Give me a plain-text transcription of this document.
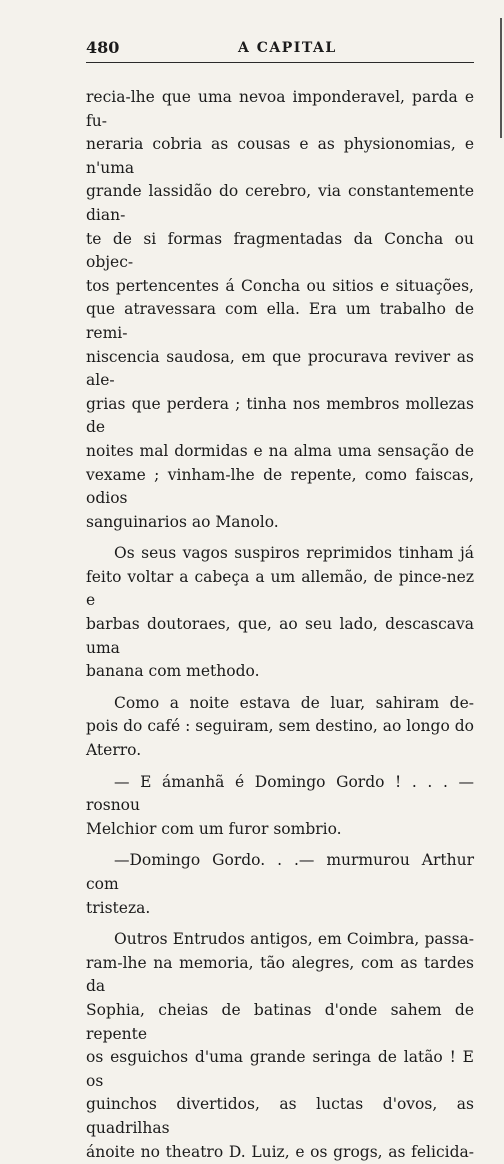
480	A CAPITAL

recia-lhe que uma nevoa imponderavel, parda e fu-

neraria cobria as cousas e as physionomias, e n'uma

grande lassidão do cerebro, via constantemente dian-

te de si formas fragmentadas da Concha ou objec-

tos pertencentes á Concha ou sitios e situações,

que atravessara com ella. Era um trabalho de remi-

niscencia saudosa, em que procurava reviver as ale-

grias que perdera ; tinha nos membros mollezas de

noites mal dormidas e na alma uma sensação de

vexame ; vinham-lhe de repente, como faiscas, odios

sanguinarios ao Manolo.

Os seus vagos suspiros reprimidos tinham já

feito voltar a cabeça a um allemão, de pince-nez e

barbas doutoraes, que, ao seu lado, descascava uma

banana com methodo.

Como a noite estava de luar, sahiram de-

pois do café : seguiram, sem destino, ao longo do

Aterro.

— E ámanhã é Domingo Gordo ! . . . — rosnou

Melchior com um furor sombrio.

—Domingo Gordo. . .— murmurou Arthur com

tristeza.

Outros Entrudos antigos, em Coimbra, passa-

ram-lhe na memoria, tão alegres, com as tardes da

Sophia, cheias de batinas d'onde sahem de repente

os esguichos d'uma grande seringa de latão ! E os

guinchos divertidos, as luctas d'ovos, as quadrilhas

ánoite no theatro D. Luiz, e os grogs, as felicida-
